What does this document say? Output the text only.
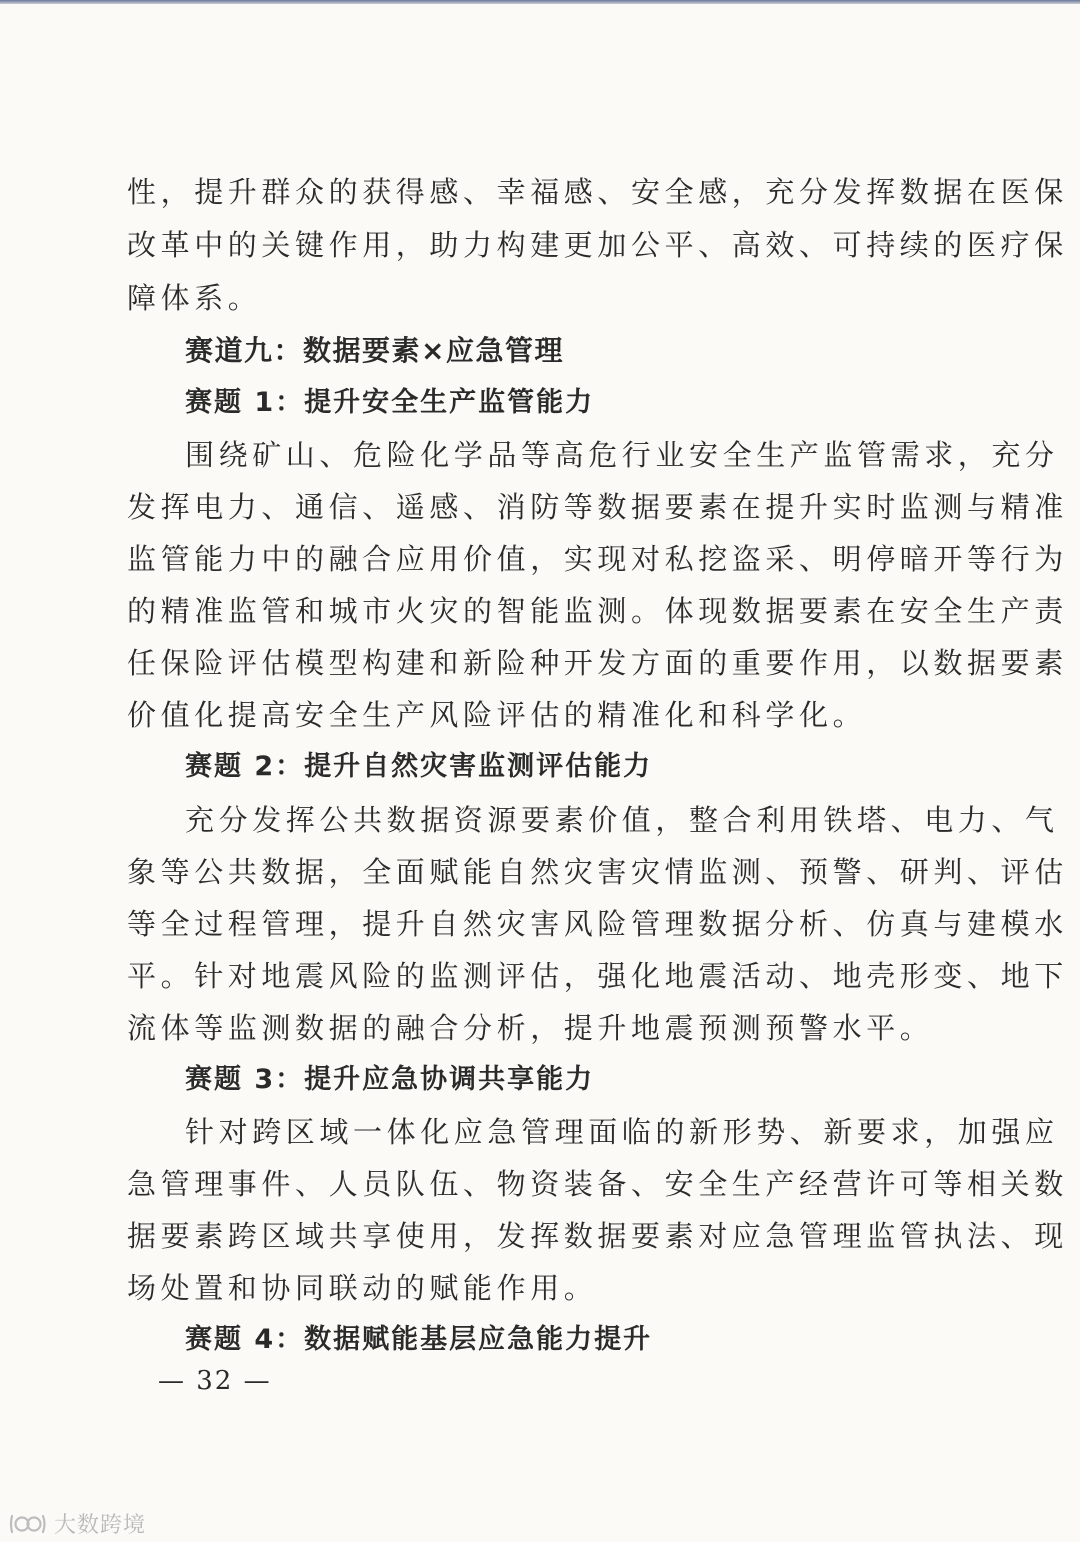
性，提升群众的获得感、幸福感、安全感，充分发挥数据在医保
改革中的关键作用，助力构建更加公平、高效、可持续的医疗保
障体系。
赛道九：数据要素×应急管理
赛题 1：提升安全生产监管能力
围绕矿山、危险化学品等高危行业安全生产监管需求，充分
发挥电力、通信、遥感、消防等数据要素在提升实时监测与精准
监管能力中的融合应用价值，实现对私挖盗采、明停暗开等行为
的精准监管和城市火灾的智能监测。体现数据要素在安全生产责
任保险评估模型构建和新险种开发方面的重要作用，以数据要素
价值化提高安全生产风险评估的精准化和科学化。
赛题 2：提升自然灾害监测评估能力
充分发挥公共数据资源要素价值，整合利用铁塔、电力、气
象等公共数据，全面赋能自然灾害灾情监测、预警、研判、评估
等全过程管理，提升自然灾害风险管理数据分析、仿真与建模水
平。针对地震风险的监测评估，强化地震活动、地壳形变、地下
流体等监测数据的融合分析，提升地震预测预警水平。
赛题 3：提升应急协调共享能力
针对跨区域一体化应急管理面临的新形势、新要求，加强应
急管理事件、人员队伍、物资装备、安全生产经营许可等相关数
据要素跨区域共享使用，发挥数据要素对应急管理监管执法、现
场处置和协同联动的赋能作用。
赛题 4：数据赋能基层应急能力提升
— 32 —
大数跨境
